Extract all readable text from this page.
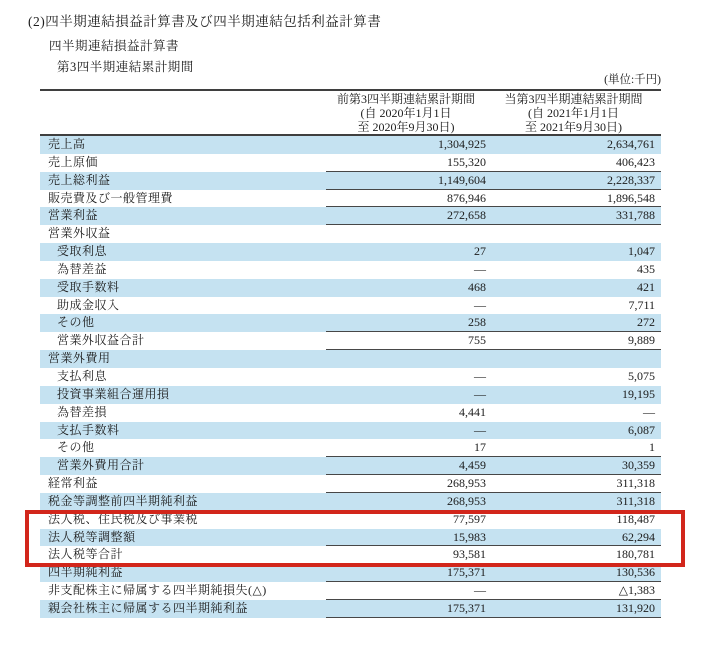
(2)四半期連結損益計算書及び四半期連結包括利益計算書
四半期連結損益計算書
第3四半期連結累計期間
(単位:千円)
前第3四半期連結累計期間
(自 2020年1月1日
至 2020年9月30日)
当第3四半期連結累計期間
(自 2021年1月1日
至 2021年9月30日)
売上高	1,304,925	2,634,761
売上原価	155,320	406,423
売上総利益	1,149,604	2,228,337
販売費及び一般管理費	876,946	1,896,548
営業利益	272,658	331,788
営業外収益
受取利息	27	1,047
為替差益	―	435
受取手数料	468	421
助成金収入	―	7,711
その他	258	272
営業外収益合計	755	9,889
営業外費用
支払利息	―	5,075
投資事業組合運用損	―	19,195
為替差損	4,441	―
支払手数料	―	6,087
その他	17	1
営業外費用合計	4,459	30,359
経常利益	268,953	311,318
税金等調整前四半期純利益	268,953	311,318
法人税、住民税及び事業税	77,597	118,487
法人税等調整額	15,983	62,294
法人税等合計	93,581	180,781
四半期純利益	175,371	130,536
非支配株主に帰属する四半期純損失(△)	―	△1,383
親会社株主に帰属する四半期純利益	175,371	131,920
